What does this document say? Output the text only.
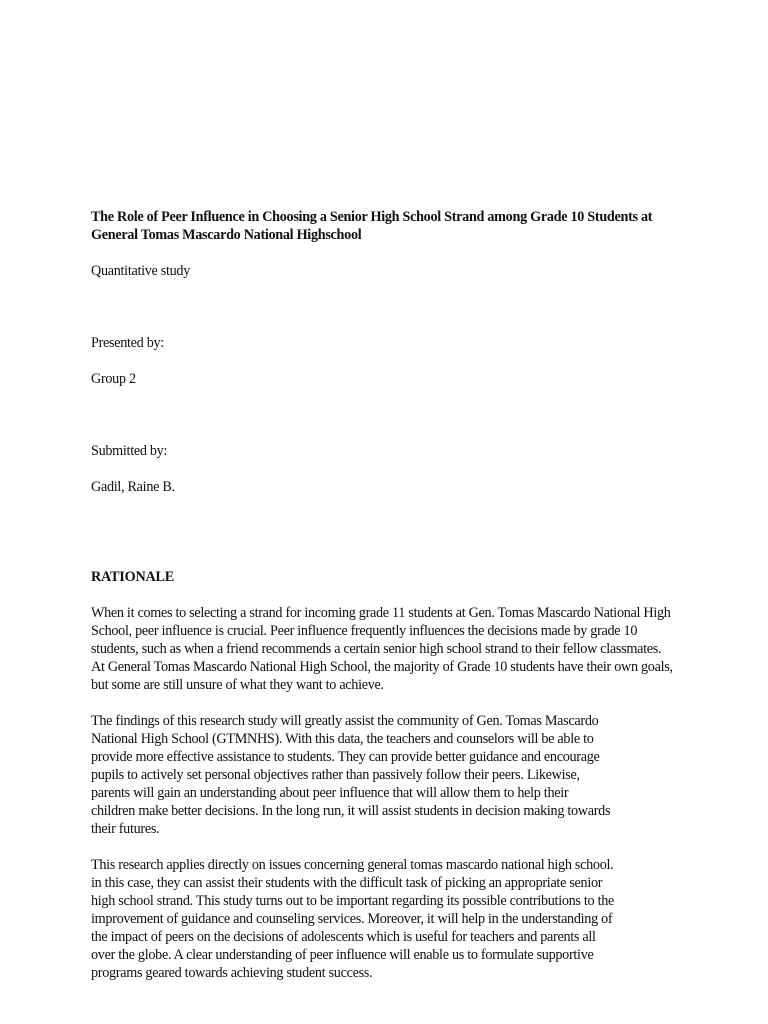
The Role of Peer Influence in Choosing a Senior High School Strand among Grade 10 Students at
General Tomas Mascardo National Highschool
Quantitative study

Presented by:

Group 2

Submitted by:

Gadil, Raine B.

RATIONALE

When it comes to selecting a strand for incoming grade 11 students at Gen. Tomas Mascardo National High
School, peer influence is crucial. Peer influence frequently influences the decisions made by grade 10
students, such as when a friend recommends a certain senior high school strand to their fellow classmates.
At General Tomas Mascardo National High School, the majority of Grade 10 students have their own goals,
but some are still unsure of what they want to achieve.

The findings of this research study will greatly assist the community of Gen. Tomas Mascardo
National High School (GTMNHS). With this data, the teachers and counselors will be able to
provide more effective assistance to students. They can provide better guidance and encourage
pupils to actively set personal objectives rather than passively follow their peers. Likewise,
parents will gain an understanding about peer influence that will allow them to help their
children make better decisions. In the long run, it will assist students in decision making towards
their futures.

This research applies directly on issues concerning general tomas mascardo national high school.
in this case, they can assist their students with the difficult task of picking an appropriate senior
high school strand. This study turns out to be important regarding its possible contributions to the
improvement of guidance and counseling services. Moreover, it will help in the understanding of
the impact of peers on the decisions of adolescents which is useful for teachers and parents all
over the globe. A clear understanding of peer influence will enable us to formulate supportive
programs geared towards achieving student success.
